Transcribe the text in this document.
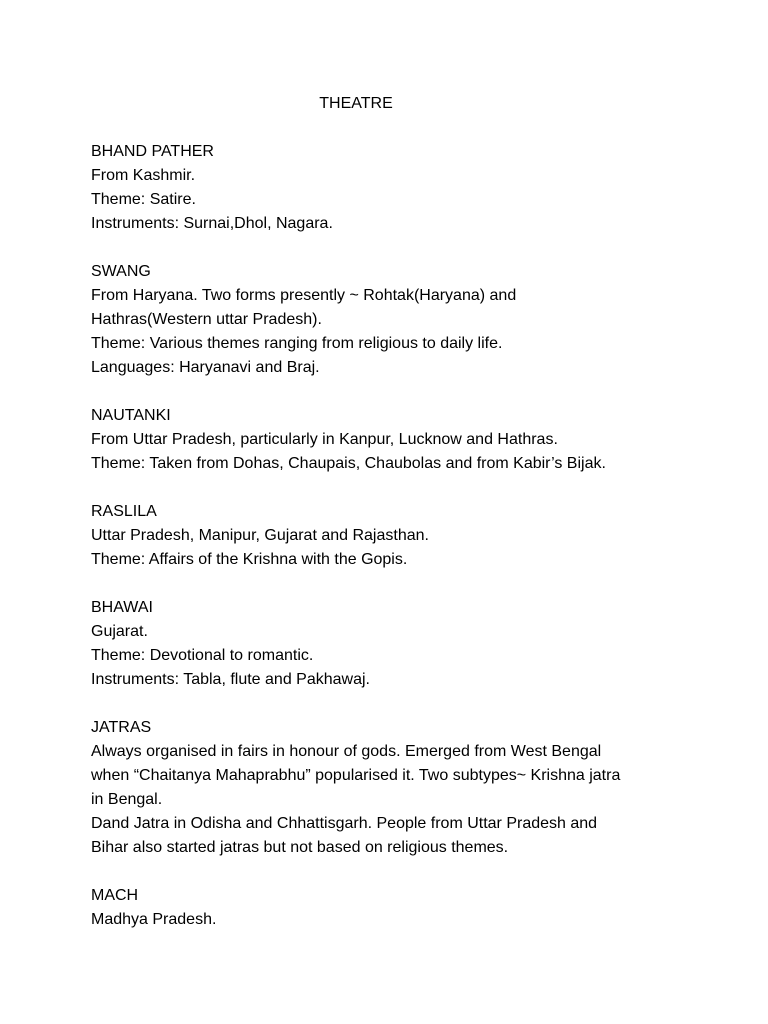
THEATRE
BHAND PATHER
From Kashmir.
Theme: Satire.
Instruments: Surnai,Dhol, Nagara.
SWANG
From Haryana. Two forms presently ~ Rohtak(Haryana) and
Hathras(Western uttar Pradesh).
Theme: Various themes ranging from religious to daily life.
Languages: Haryanavi and Braj.
NAUTANKI
From Uttar Pradesh, particularly in Kanpur, Lucknow and Hathras.
Theme: Taken from Dohas, Chaupais, Chaubolas and from Kabir’s Bijak.
RASLILA
Uttar Pradesh, Manipur, Gujarat and Rajasthan.
Theme: Affairs of the Krishna with the Gopis.
BHAWAI
Gujarat.
Theme: Devotional to romantic.
Instruments: Tabla, flute and Pakhawaj.
JATRAS
Always organised in fairs in honour of gods. Emerged from West Bengal
when “Chaitanya Mahaprabhu” popularised it. Two subtypes~ Krishna jatra
in Bengal.
Dand Jatra in Odisha and Chhattisgarh. People from Uttar Pradesh and
Bihar also started jatras but not based on religious themes.
MACH
Madhya Pradesh.
